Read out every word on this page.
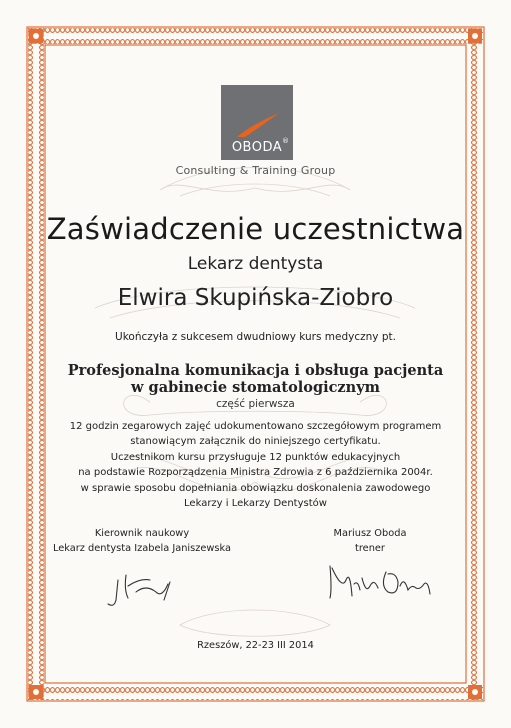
®
OBODA
Consulting & Training Group
Zaświadczenie uczestnictwa
Lekarz dentysta
Elwira Skupińska-Ziobro
Ukończyła z sukcesem dwudniowy kurs medyczny pt.
Profesjonalna komunikacja i obsługa pacjenta
w gabinecie stomatologicznym
część pierwsza
12 godzin zegarowych zajęć udokumentowano szczegółowym programem
stanowiącym załącznik do niniejszego certyfikatu.
Uczestnikom kursu przysługuje 12 punktów edukacyjnych
na podstawie Rozporządzenia Ministra Zdrowia z 6 października 2004r.
w sprawie sposobu dopełniania obowiązku doskonalenia zawodowego
Lekarzy i Lekarzy Dentystów
Kierownik naukowy
Lekarz dentysta Izabela Janiszewska
Mariusz Oboda
trener
Rzeszów, 22-23 III 2014
